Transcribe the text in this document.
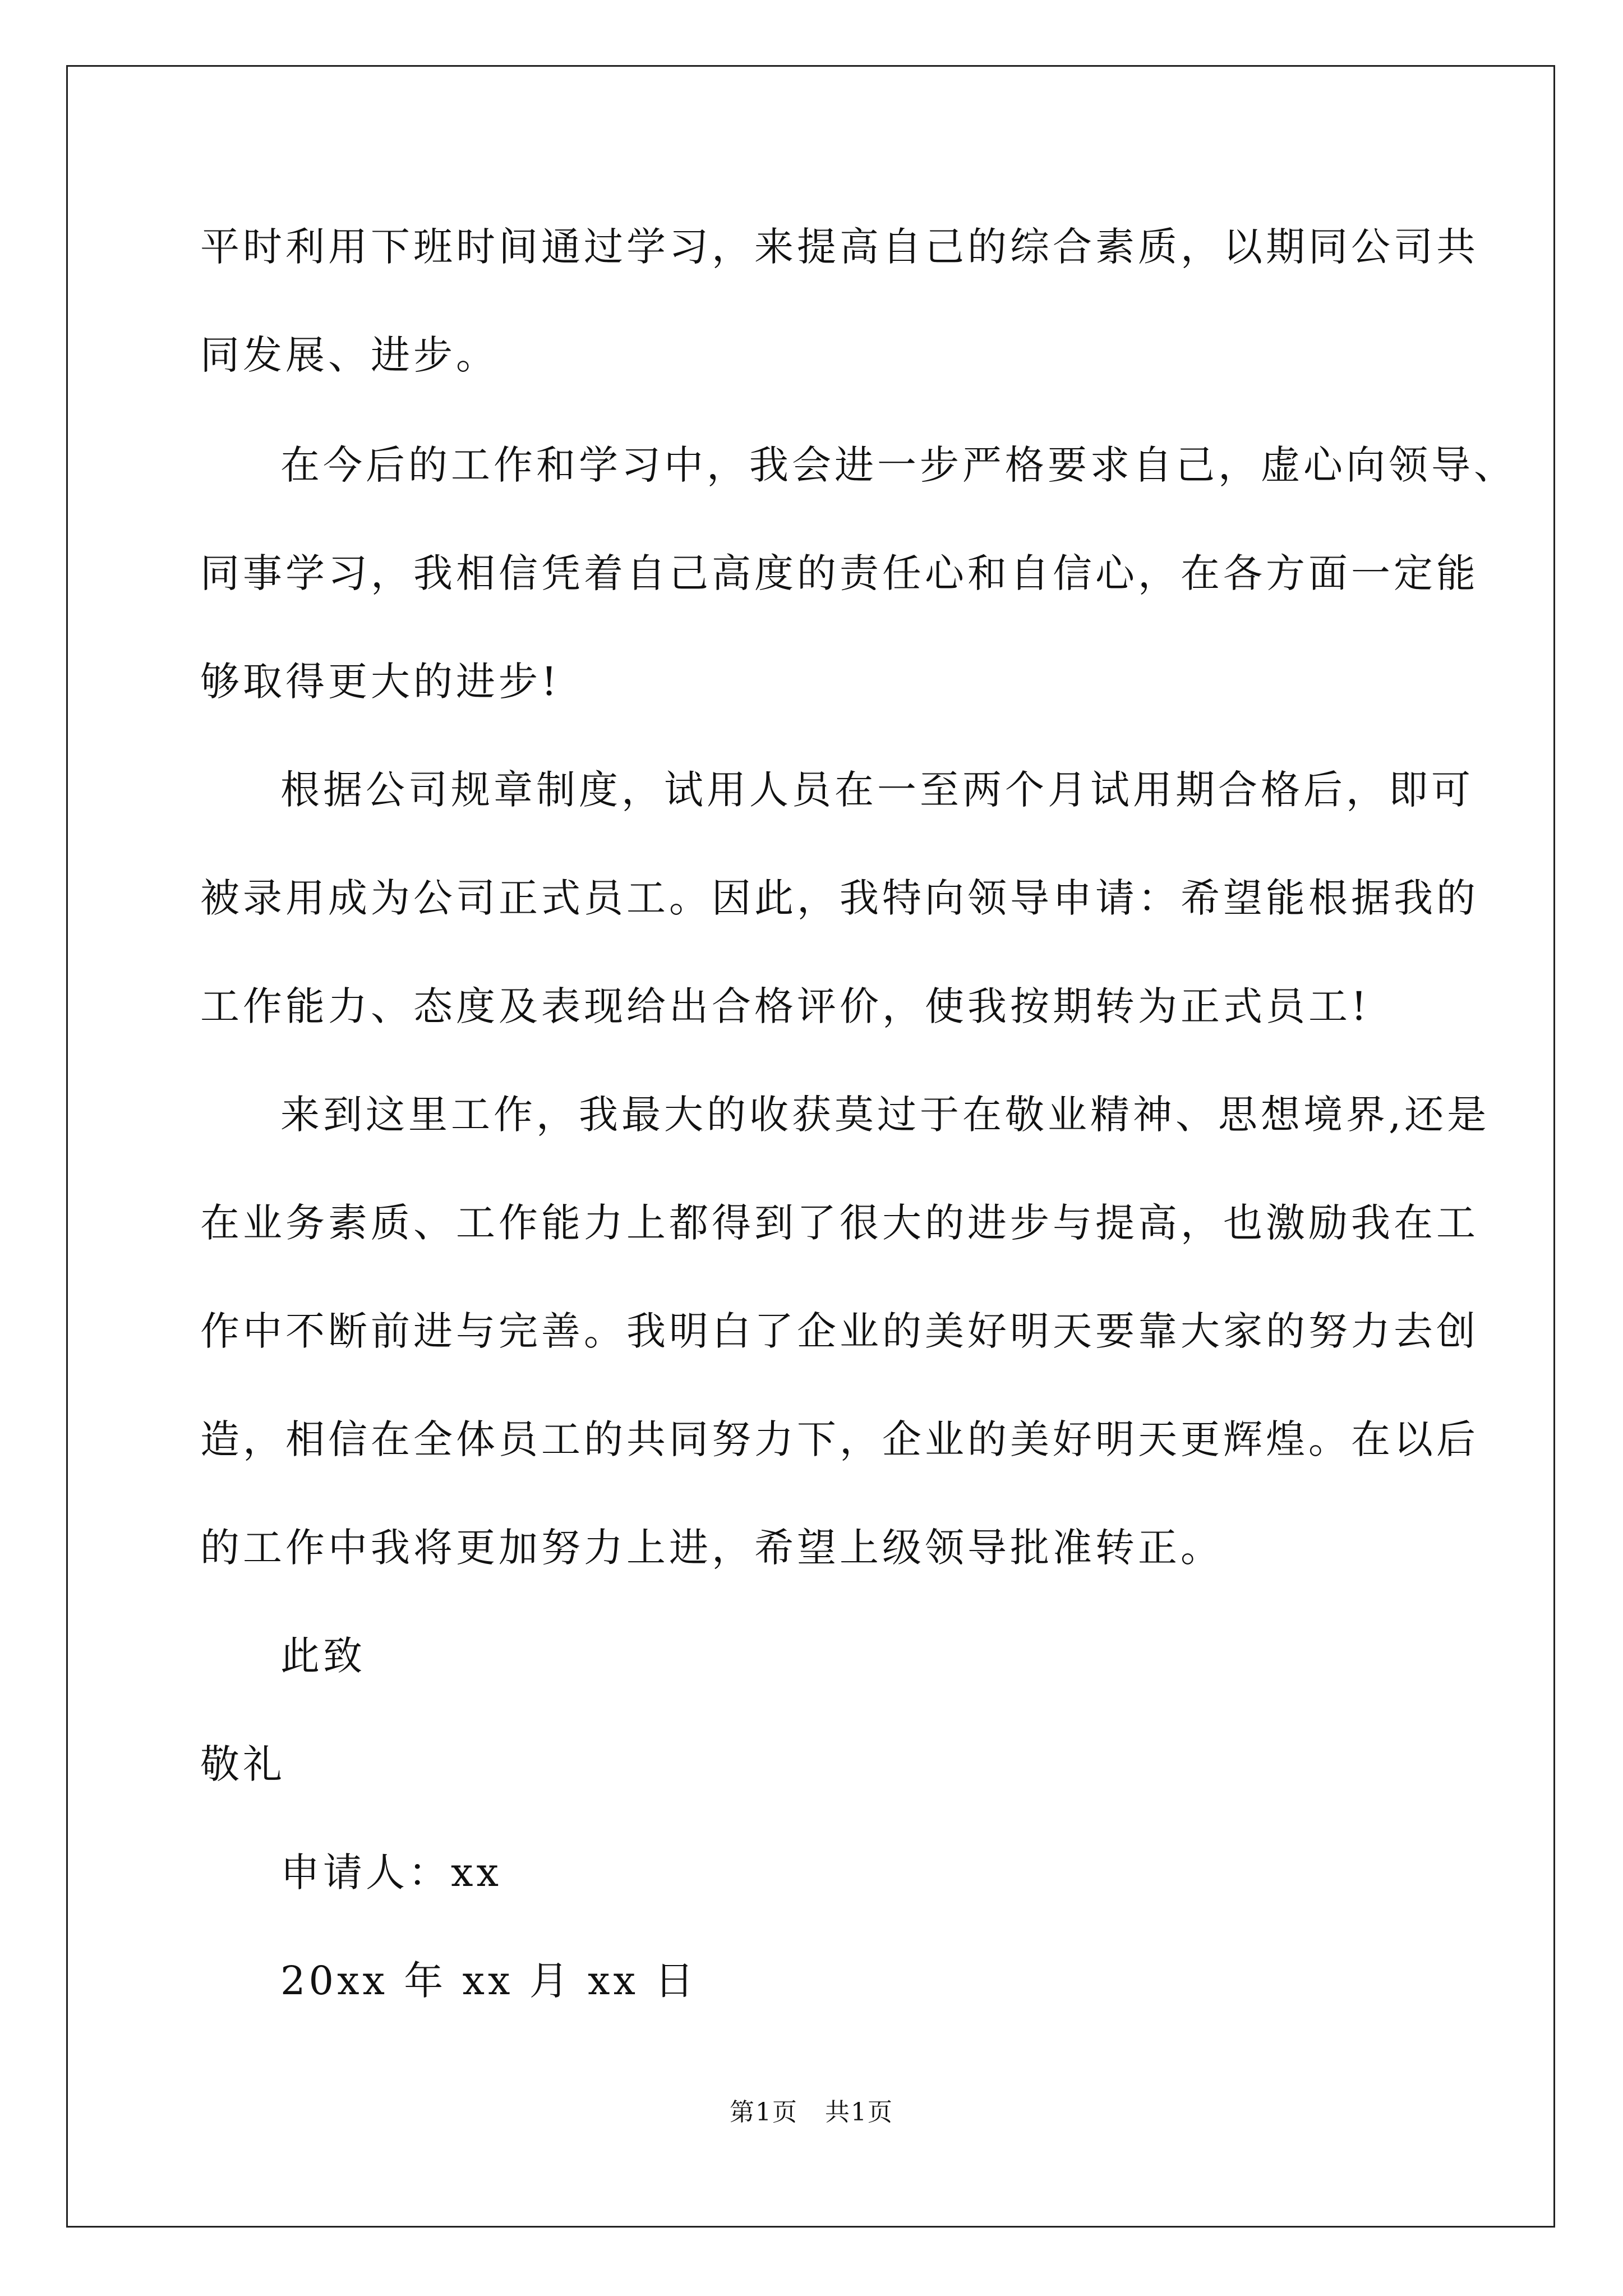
平时利用下班时间通过学习，来提高自己的综合素质，以期同公司共
同发展、进步。
在今后的工作和学习中，我会进一步严格要求自己，虚心向领导、
同事学习，我相信凭着自己高度的责任心和自信心，在各方面一定能
够取得更大的进步!
根据公司规章制度，试用人员在一至两个月试用期合格后，即可
被录用成为公司正式员工。因此，我特向领导申请：希望能根据我的
工作能力、态度及表现给出合格评价，使我按期转为正式员工!
来到这里工作，我最大的收获莫过于在敬业精神、思想境界,还是
在业务素质、工作能力上都得到了很大的进步与提高，也激励我在工
作中不断前进与完善。我明白了企业的美好明天要靠大家的努力去创
造，相信在全体员工的共同努力下，企业的美好明天更辉煌。在以后
的工作中我将更加努力上进，希望上级领导批准转正。
此致
敬礼
申请人：xx
20xx 年 xx 月 xx 日
第1页   共1页
